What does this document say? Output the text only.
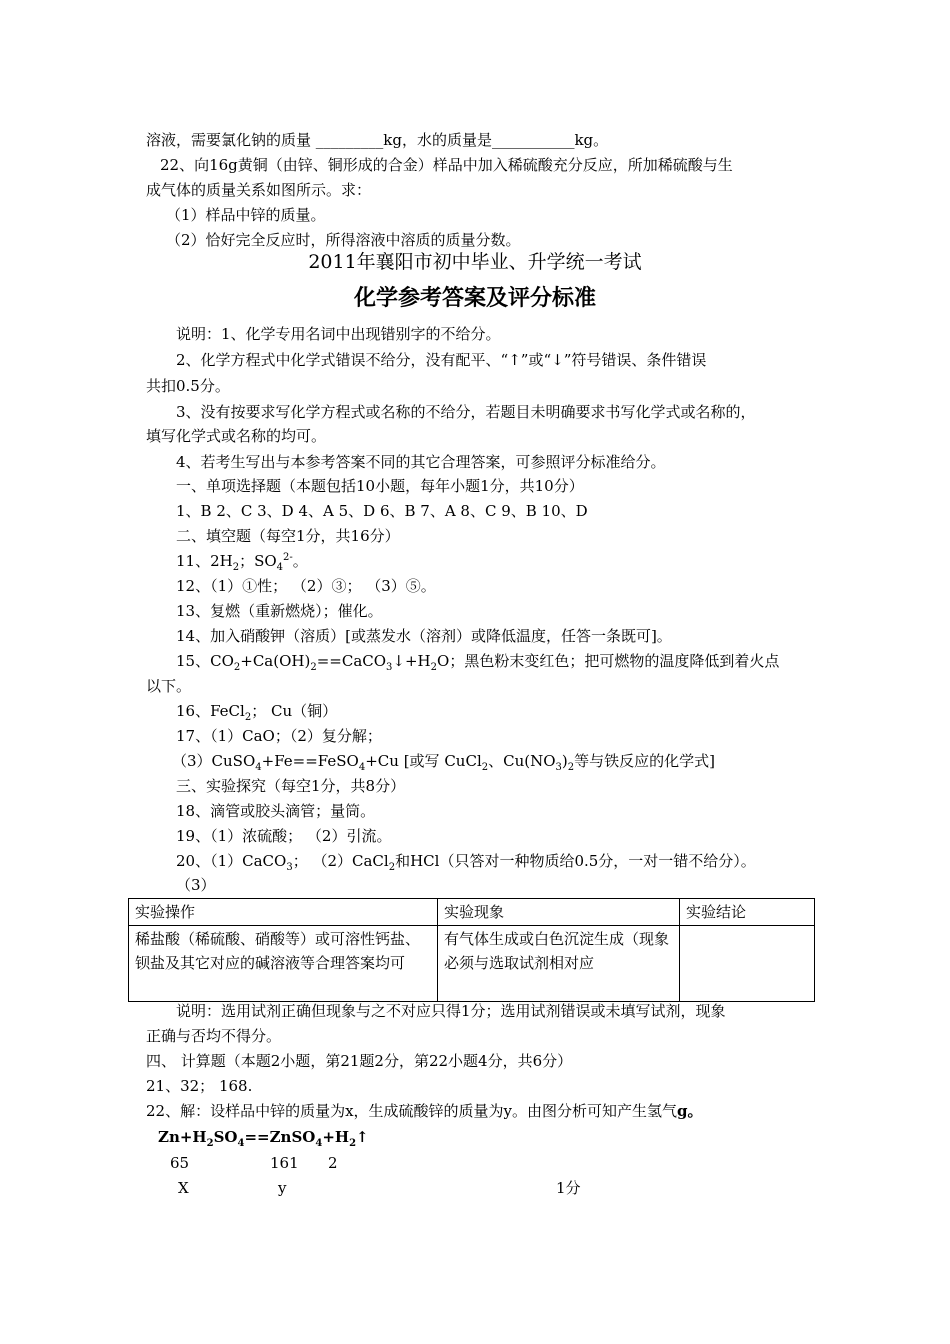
溶液，需要氯化钠的质量 _________kg，水的质量是___________kg。
22、向16g黄铜（由锌、铜形成的合金）样品中加入稀硫酸充分反应，所加稀硫酸与生
成气体的质量关系如图所示。求：
（1）样品中锌的质量。
（2）恰好完全反应时，所得溶液中溶质的质量分数。
2011年襄阳市初中毕业、升学统一考试
化学参考答案及评分标准
说明：1、化学专用名词中出现错别字的不给分。
2、化学方程式中化学式错误不给分，没有配平、“↑”或“↓”符号错误、条件错误
共扣0.5分。
3、没有按要求写化学方程式或名称的不给分，若题目未明确要求书写化学式或名称的，
填写化学式或名称的均可。
4、若考生写出与本参考答案不同的其它合理答案，可参照评分标准给分。
一、单项选择题（本题包括10小题，每年小题1分，共10分）
1、B 2、C 3、D 4、A 5、D 6、B 7、A 8、C 9、B 10、D
二、填空题（每空1分，共16分）
11、$2H_2$；$SO_4^{2-}$。
12、（1）①性； （2）③； （3）⑤。
13、复燃（重新燃烧）；催化。
14、加入硝酸钾（溶质）[或蒸发水（溶剂）或降低温度，任答一条既可]。
15、$CO_2+Ca(OH)_2==CaCO_3↓+H_2O$；黑色粉末变红色；把可燃物的温度降低到着火点
以下。
16、FeCl$_2$； Cu（铜）
17、（1）CaO；（2）复分解；
（3）CuSO$_4$+Fe==FeSO$_4$+Cu [或写 CuCl$_2$、$Cu(NO_3)_2$等与铁反应的化学式]
三、实验探究（每空1分，共8分）
18、滴管或胶头滴管；量筒。
19、（1）浓硫酸； （2）引流。
20、（1）CaCO$_3$； （2）CaCl$_2$和HCl（只答对一种物质给0.5分，一对一错不给分）。
（3）
实验操作	实验现象	实验结论
稀盐酸（稀硫酸、硝酸等）或可溶性钙盐、钡盐及其它对应的碱溶液等合理答案均可	有气体生成或白色沉淀生成（现象必须与选取试剂相对应	
说明：选用试剂正确但现象与之不对应只得1分；选用试剂错误或未填写试剂，现象
正确与否均不得分。
四、 计算题（本题2小题，第21题2分，第22小题4分，共6分）
21、32； 168.
22、解：设样品中锌的质量为x，生成硫酸锌的质量为y。由图分析可知产生氢气g。
$Zn+H_2SO_4==ZnSO_4+H_2↑$
65	161 2
X	y	1分
